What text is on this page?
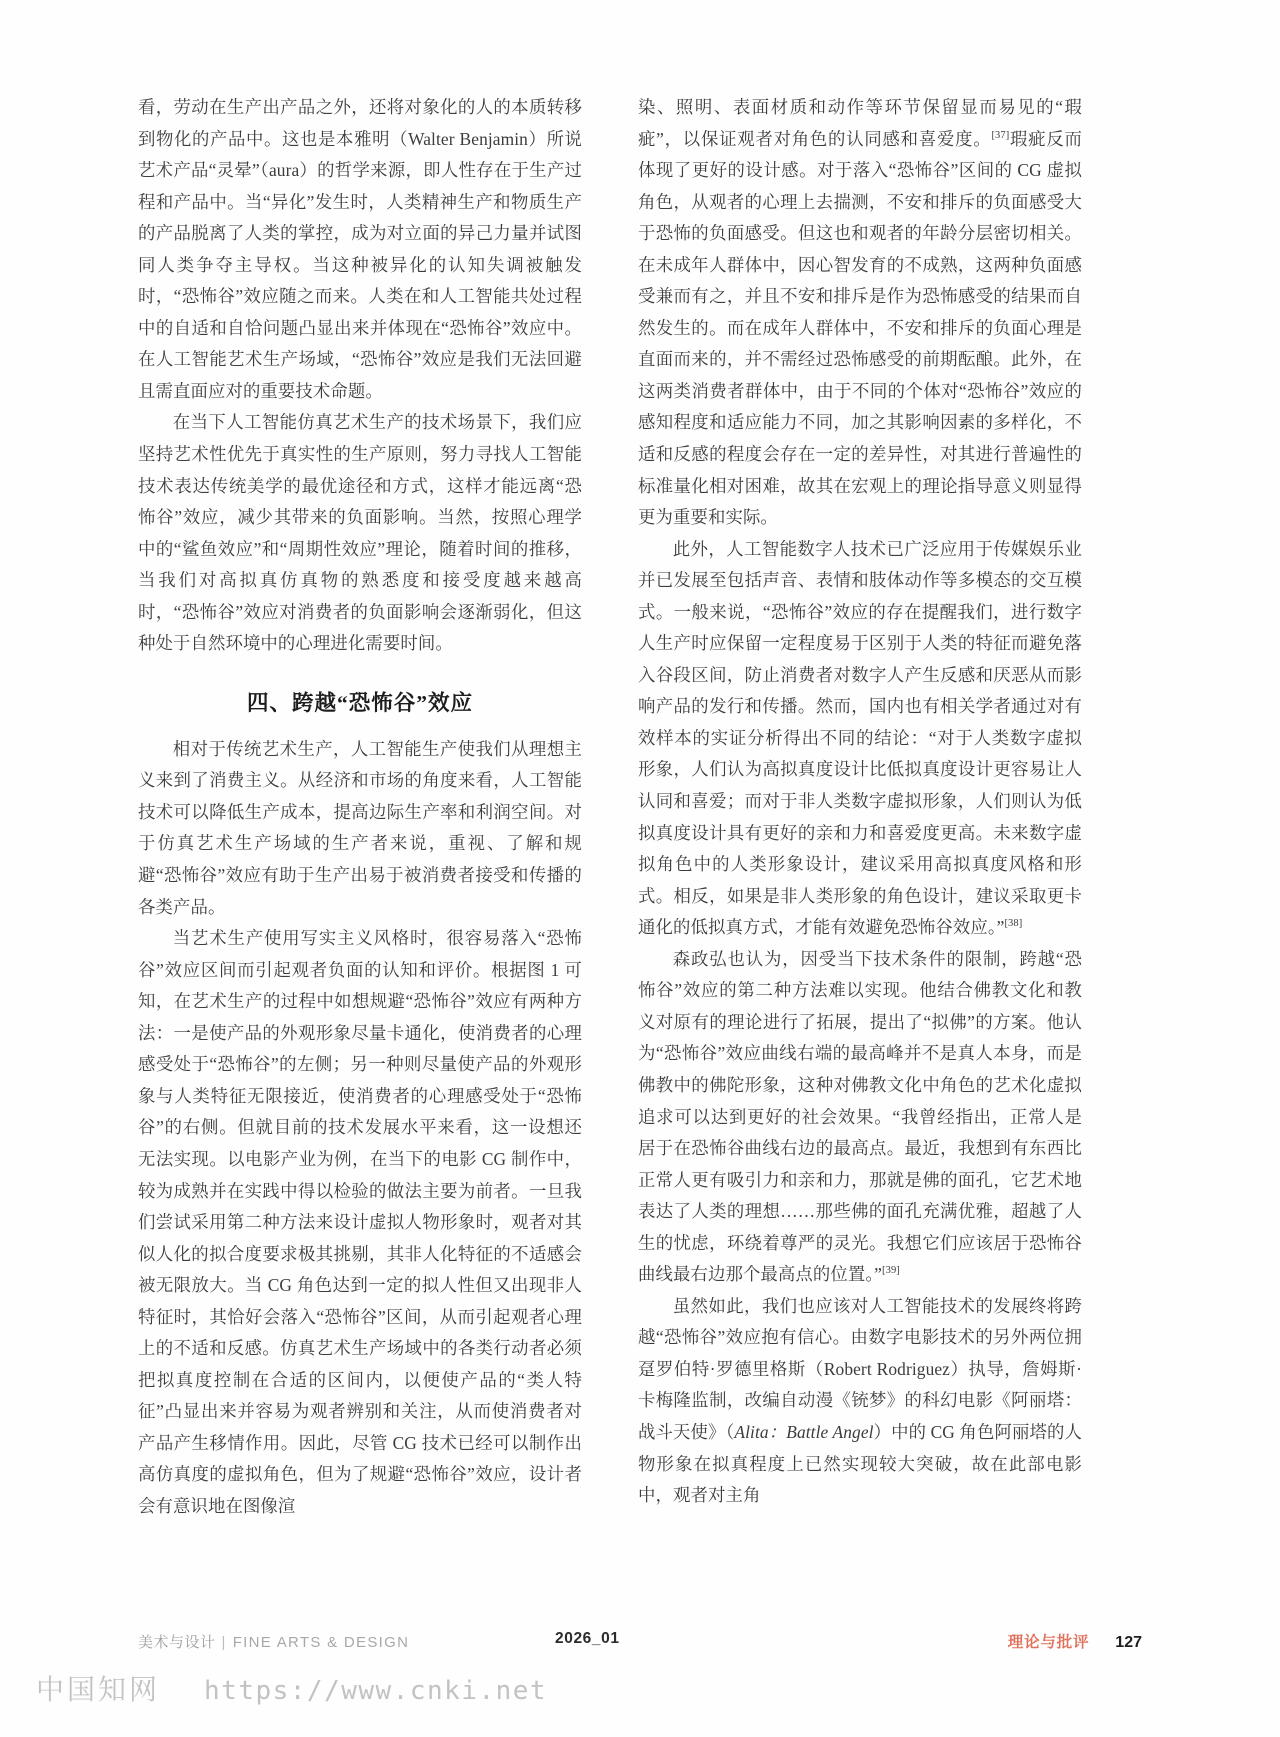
看，劳动在生产出产品之外，还将对象化的人的本质转移到物化的产品中。这也是本雅明（Walter Benjamin）所说艺术产品“灵晕”（aura）的哲学来源，即人性存在于生产过程和产品中。当“异化”发生时，人类精神生产和物质生产的产品脱离了人类的掌控，成为对立面的异己力量并试图同人类争夺主导权。当这种被异化的认知失调被触发时，“恐怖谷”效应随之而来。人类在和人工智能共处过程中的自适和自恰问题凸显出来并体现在“恐怖谷”效应中。在人工智能艺术生产场域，“恐怖谷”效应是我们无法回避且需直面应对的重要技术命题。

在当下人工智能仿真艺术生产的技术场景下，我们应坚持艺术性优先于真实性的生产原则，努力寻找人工智能技术表达传统美学的最优途径和方式，这样才能远离“恐怖谷”效应，减少其带来的负面影响。当然，按照心理学中的“鲨鱼效应”和“周期性效应”理论，随着时间的推移，当我们对高拟真仿真物的熟悉度和接受度越来越高时，“恐怖谷”效应对消费者的负面影响会逐渐弱化，但这种处于自然环境中的心理进化需要时间。

四、跨越“恐怖谷”效应

相对于传统艺术生产，人工智能生产使我们从理想主义来到了消费主义。从经济和市场的角度来看，人工智能技术可以降低生产成本，提高边际生产率和利润空间。对于仿真艺术生产场域的生产者来说，重视、了解和规避“恐怖谷”效应有助于生产出易于被消费者接受和传播的各类产品。

当艺术生产使用写实主义风格时，很容易落入“恐怖谷”效应区间而引起观者负面的认知和评价。根据图 1 可知，在艺术生产的过程中如想规避“恐怖谷”效应有两种方法：一是使产品的外观形象尽量卡通化，使消费者的心理感受处于“恐怖谷”的左侧；另一种则尽量使产品的外观形象与人类特征无限接近，使消费者的心理感受处于“恐怖谷”的右侧。但就目前的技术发展水平来看，这一设想还无法实现。以电影产业为例，在当下的电影 CG 制作中，较为成熟并在实践中得以检验的做法主要为前者。一旦我们尝试采用第二种方法来设计虚拟人物形象时，观者对其似人化的拟合度要求极其挑剔，其非人化特征的不适感会被无限放大。当 CG 角色达到一定的拟人性但又出现非人特征时，其恰好会落入“恐怖谷”区间，从而引起观者心理上的不适和反感。仿真艺术生产场域中的各类行动者必须把拟真度控制在合适的区间内，以便使产品的“类人特征”凸显出来并容易为观者辨别和关注，从而使消费者对产品产生移情作用。因此，尽管 CG 技术已经可以制作出高仿真度的虚拟角色，但为了规避“恐怖谷”效应，设计者会有意识地在图像渲

染、照明、表面材质和动作等环节保留显而易见的“瑕疵”，以保证观者对角色的认同感和喜爱度。[37]瑕疵反而体现了更好的设计感。对于落入“恐怖谷”区间的 CG 虚拟角色，从观者的心理上去揣测，不安和排斥的负面感受大于恐怖的负面感受。但这也和观者的年龄分层密切相关。在未成年人群体中，因心智发育的不成熟，这两种负面感受兼而有之，并且不安和排斥是作为恐怖感受的结果而自然发生的。而在成年人群体中，不安和排斥的负面心理是直面而来的，并不需经过恐怖感受的前期酝酿。此外，在这两类消费者群体中，由于不同的个体对“恐怖谷”效应的感知程度和适应能力不同，加之其影响因素的多样化，不适和反感的程度会存在一定的差异性，对其进行普遍性的标准量化相对困难，故其在宏观上的理论指导意义则显得更为重要和实际。

此外，人工智能数字人技术已广泛应用于传媒娱乐业并已发展至包括声音、表情和肢体动作等多模态的交互模式。一般来说，“恐怖谷”效应的存在提醒我们，进行数字人生产时应保留一定程度易于区别于人类的特征而避免落入谷段区间，防止消费者对数字人产生反感和厌恶从而影响产品的发行和传播。然而，国内也有相关学者通过对有效样本的实证分析得出不同的结论：“对于人类数字虚拟形象，人们认为高拟真度设计比低拟真度设计更容易让人认同和喜爱；而对于非人类数字虚拟形象，人们则认为低拟真度设计具有更好的亲和力和喜爱度更高。未来数字虚拟角色中的人类形象设计，建议采用高拟真度风格和形式。相反，如果是非人类形象的角色设计，建议采取更卡通化的低拟真方式，才能有效避免恐怖谷效应。”[38]

森政弘也认为，因受当下技术条件的限制，跨越“恐怖谷”效应的第二种方法难以实现。他结合佛教文化和教义对原有的理论进行了拓展，提出了“拟佛”的方案。他认为“恐怖谷”效应曲线右端的最高峰并不是真人本身，而是佛教中的佛陀形象，这种对佛教文化中角色的艺术化虚拟追求可以达到更好的社会效果。“我曾经指出，正常人是居于在恐怖谷曲线右边的最高点。最近，我想到有东西比正常人更有吸引力和亲和力，那就是佛的面孔，它艺术地表达了人类的理想……那些佛的面孔充满优雅，超越了人生的忧虑，环绕着尊严的灵光。我想它们应该居于恐怖谷曲线最右边那个最高点的位置。”[39]

虽然如此，我们也应该对人工智能技术的发展终将跨越“恐怖谷”效应抱有信心。由数字电影技术的另外两位拥趸罗伯特·罗德里格斯（Robert Rodriguez）执导，詹姆斯·卡梅隆监制，改编自动漫《铳梦》的科幻电影《阿丽塔：战斗天使》（Alita：Battle Angel）中的 CG 角色阿丽塔的人物形象在拟真程度上已然实现较大突破，故在此部电影中，观者对主角

美术与设计 | FINE ARTS & DESIGN	2026_01	理论与批评 127
中国知网 https://www.cnki.net
